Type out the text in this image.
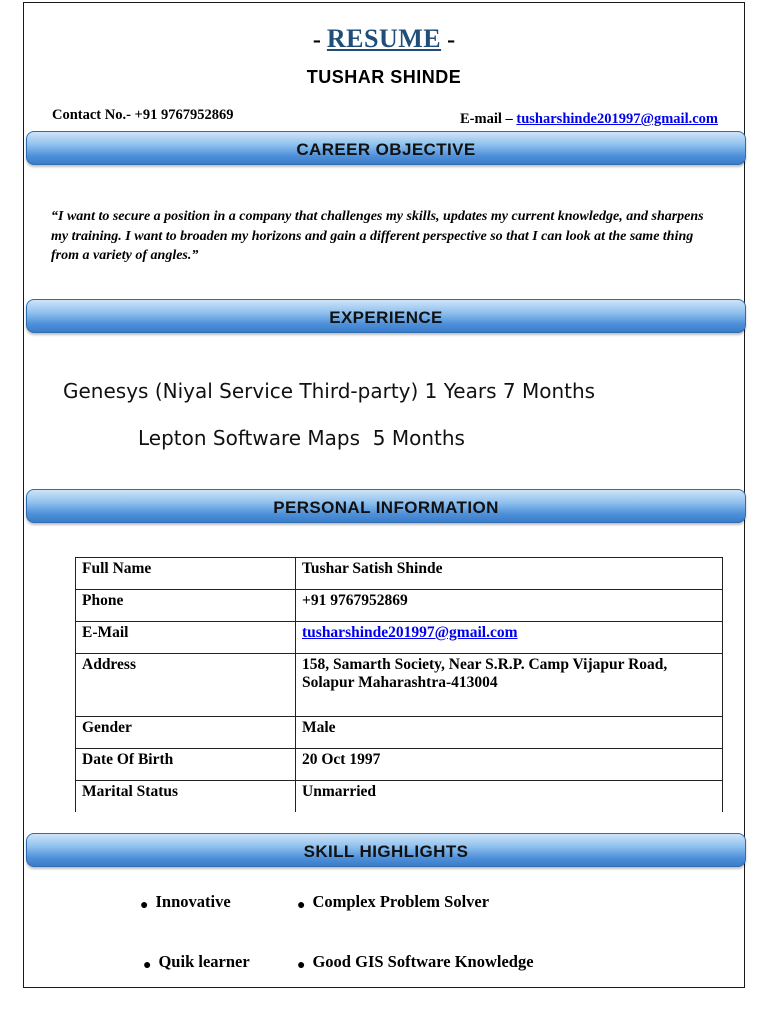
- RESUME -
TUSHAR SHINDE
Contact No.- +91 9767952869	E-mail – tusharshinde201997@gmail.com
CAREER OBJECTIVE
“I want to secure a position in a company that challenges my skills, updates my current knowledge, and sharpens my training. I want to broaden my horizons and gain a different perspective so that I can look at the same thing from a variety of angles.”
EXPERIENCE
Genesys (Niyal Service Third-party) 1 Years 7 Months
Lepton Software Maps  5 Months
PERSONAL INFORMATION
Full Name	Tushar Satish Shinde
Phone	+91 9767952869
E-Mail	tusharshinde201997@gmail.com
Address	158, Samarth Society, Near S.R.P. Camp Vijapur Road, Solapur Maharashtra-413004
Gender	Male
Date Of Birth	20 Oct 1997
Marital Status	Unmarried
SKILL HIGHLIGHTS
● Innovative	● Complex Problem Solver
● Quik learner	● Good GIS Software Knowledge
